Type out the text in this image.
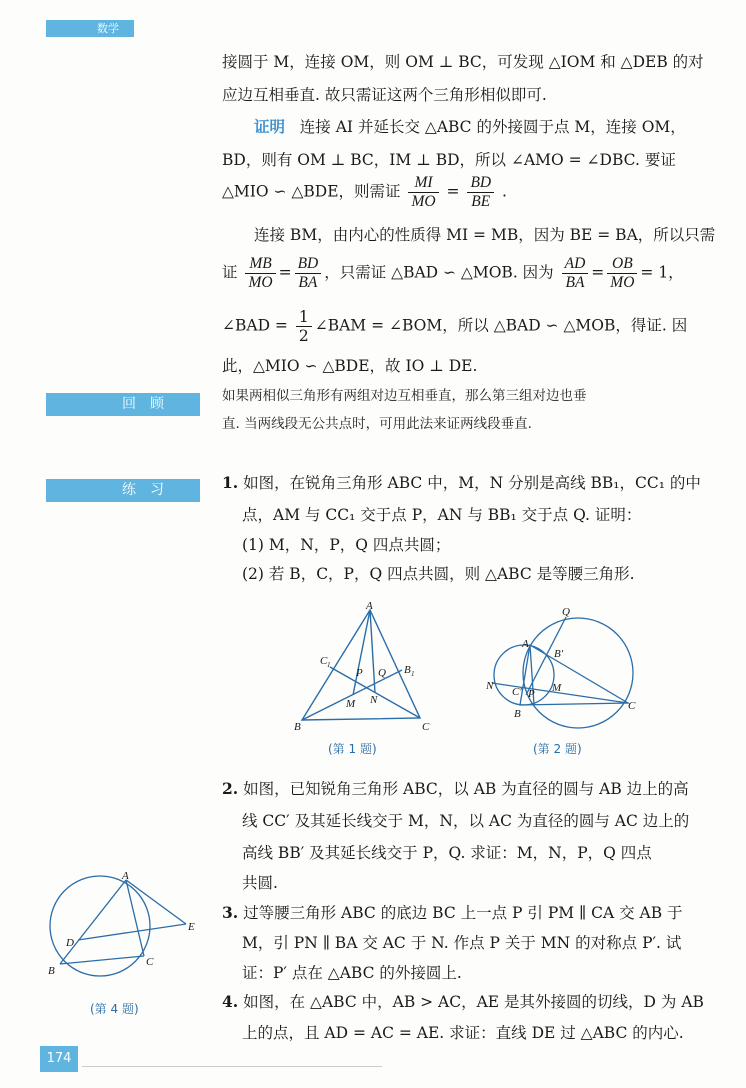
数学
接圆于 M，连接 OM，则 OM ⊥ BC，可发现 △IOM 和 △DEB 的对
应边互相垂直. 故只需证这两个三角形相似即可.
证明 连接 AI 并延长交 △ABC 的外接圆于点 M，连接 OM，
BD，则有 OM ⊥ BC，IM ⊥ BD，所以 ∠AMO = ∠DBC. 要证
△MIO ∽ △BDE，则需证 $\frac{MI}{MO} = \frac{BD}{BE}$ .
连接 BM，由内心的性质得 MI = MB，因为 BE = BA，所以只需
证 $\frac{MB}{MO} = \frac{BD}{BA}$ ，只需证 △BAD ∽ △MOB. 因为 $\frac{AD}{BA} = \frac{OB}{MO} = 1$，
∠BAD = $\frac{1}{2}$ ∠BAM = ∠BOM，所以 △BAD ∽ △MOB，得证. 因
此，△MIO ∽ △BDE，故 IO ⊥ DE.
回顾	如果两相似三角形有两组对边互相垂直，那么第三组对边也垂
直. 当两线段无公共点时，可用此法来证两线段垂直.
练习	1. 如图，在锐角三角形 ABC 中，M，N 分别是高线 BB₁，CC₁ 的中
点，AM 与 CC₁ 交于点 P，AN 与 BB₁ 交于点 Q. 证明：
(1) M，N，P，Q 四点共圆；
(2) 若 B，C，P，Q 四点共圆，则 △ABC 是等腰三角形.
A
B	C
C 1	B 1
P Q
M N
(第 1 题)
Q
A
B′
N C′ P M
B
C
(第 2 题)
2. 如图，已知锐角三角形 ABC，以 AB 为直径的圆与 AB 边上的高
线 CC′ 及其延长线交于 M，N，以 AC 为直径的圆与 AC 边上的
高线 BB′ 及其延长线交于 P，Q. 求证：M，N，P，Q 四点
共圆.
3. 过等腰三角形 ABC 的底边 BC 上一点 P 引 PM ∥ CA 交 AB 于
M，引 PN ∥ BA 交 AC 于 N. 作点 P 关于 MN 的对称点 P′. 试
证：P′ 点在 △ABC 的外接圆上.
4. 如图，在 △ABC 中，AB > AC，AE 是其外接圆的切线，D 为 AB
上的点，且 AD = AC = AE. 求证：直线 DE 过 △ABC 的内心.
A
E
D
B
C
(第 4 题)
174
